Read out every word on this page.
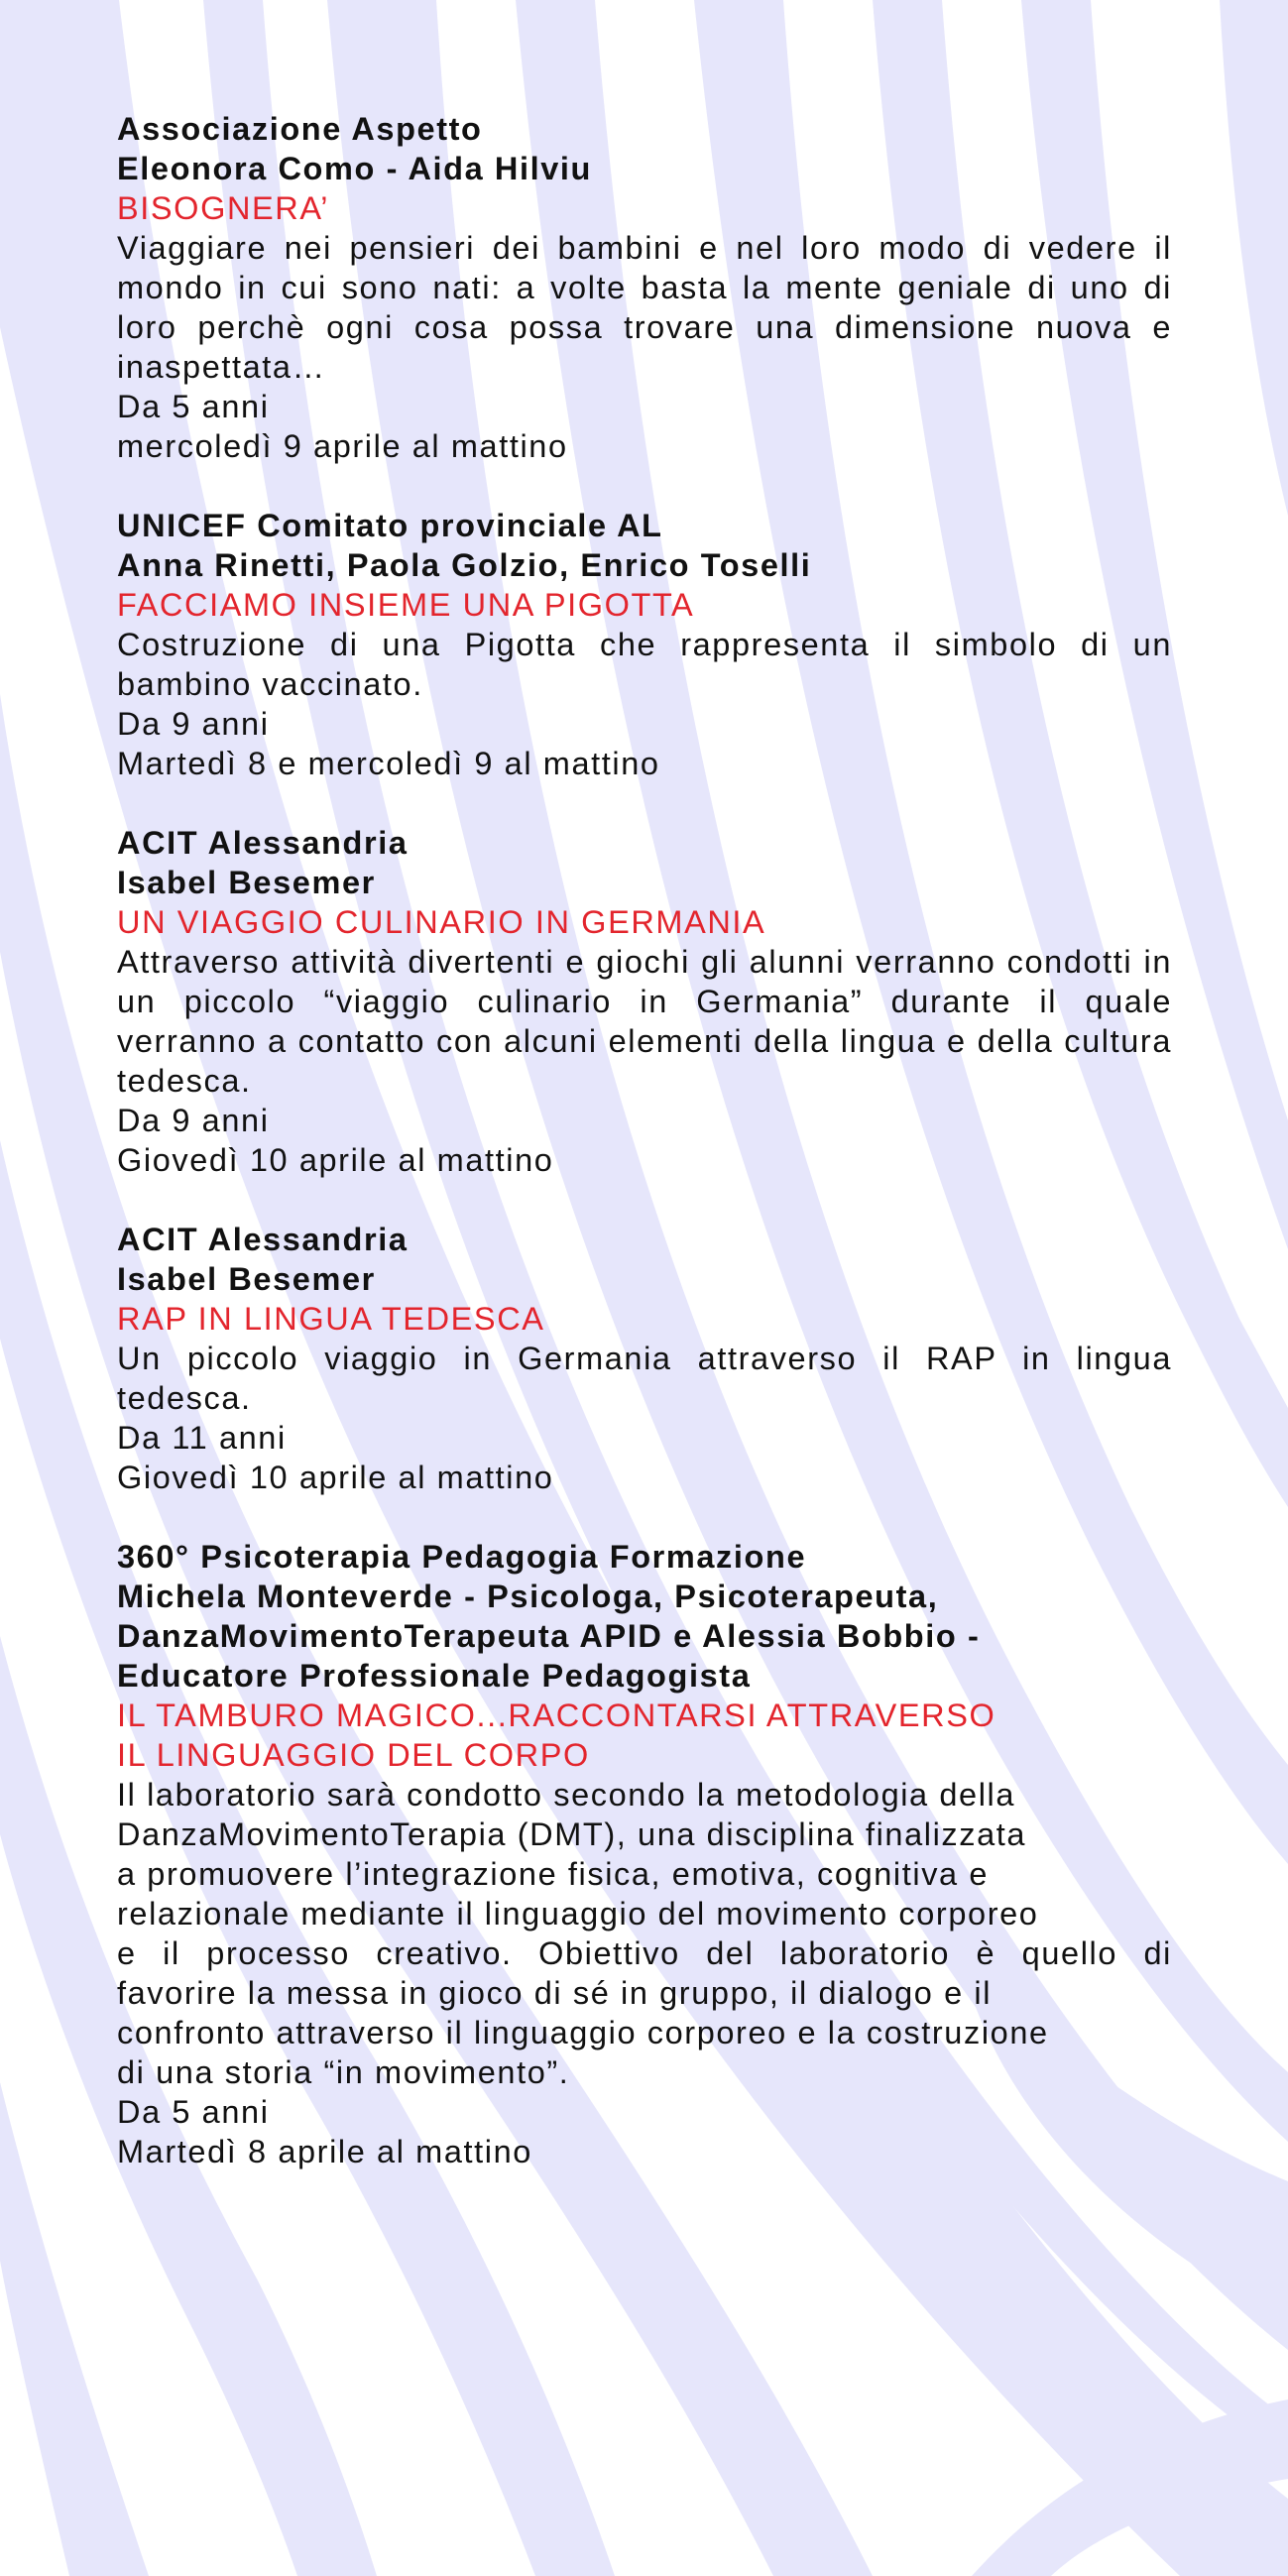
Associazione Aspetto
Eleonora Como - Aida Hilviu
BISOGNERA’
Viaggiare nei pensieri dei bambini e nel loro modo di vedere il mondo in cui sono nati: a volte basta la mente geniale di uno di loro perchè ogni cosa possa trovare una dimensione nuova e inaspettata…
Da 5 anni
mercoledì 9 aprile al mattino
UNICEF Comitato provinciale AL
Anna Rinetti, Paola Golzio, Enrico Toselli
FACCIAMO INSIEME UNA PIGOTTA
Costruzione di una Pigotta che rappresenta il simbolo di un bambino vaccinato.
Da 9 anni
Martedì 8 e mercoledì 9 al mattino
ACIT Alessandria
Isabel Besemer
UN VIAGGIO CULINARIO IN GERMANIA
Attraverso attività divertenti e giochi gli alunni verranno condotti in un piccolo “viaggio culinario in Germania” durante il quale verranno a contatto con alcuni elementi della lingua e della cultura tedesca.
Da 9 anni
Giovedì 10 aprile al mattino
ACIT Alessandria
Isabel Besemer
RAP IN LINGUA TEDESCA
Un piccolo viaggio in Germania attraverso il RAP in lingua tedesca.
Da 11 anni
Giovedì 10 aprile al mattino
360° Psicoterapia Pedagogia Formazione
Michela Monteverde - Psicologa, Psicoterapeuta,
DanzaMovimentoTerapeuta APID e Alessia Bobbio -
Educatore Professionale Pedagogista
IL TAMBURO MAGICO...RACCONTARSI ATTRAVERSO
IL LINGUAGGIO DEL CORPO
Il laboratorio sarà condotto secondo la metodologia della
DanzaMovimentoTerapia (DMT), una disciplina finalizzata
a promuovere l’integrazione fisica, emotiva, cognitiva e
relazionale mediante il linguaggio del movimento corporeo
e il processo creativo. Obiettivo del laboratorio è quello di
favorire la messa in gioco di sé in gruppo, il dialogo e il
confronto attraverso il linguaggio corporeo e la costruzione
di una storia “in movimento”.
Da 5 anni
Martedì 8 aprile al mattino
